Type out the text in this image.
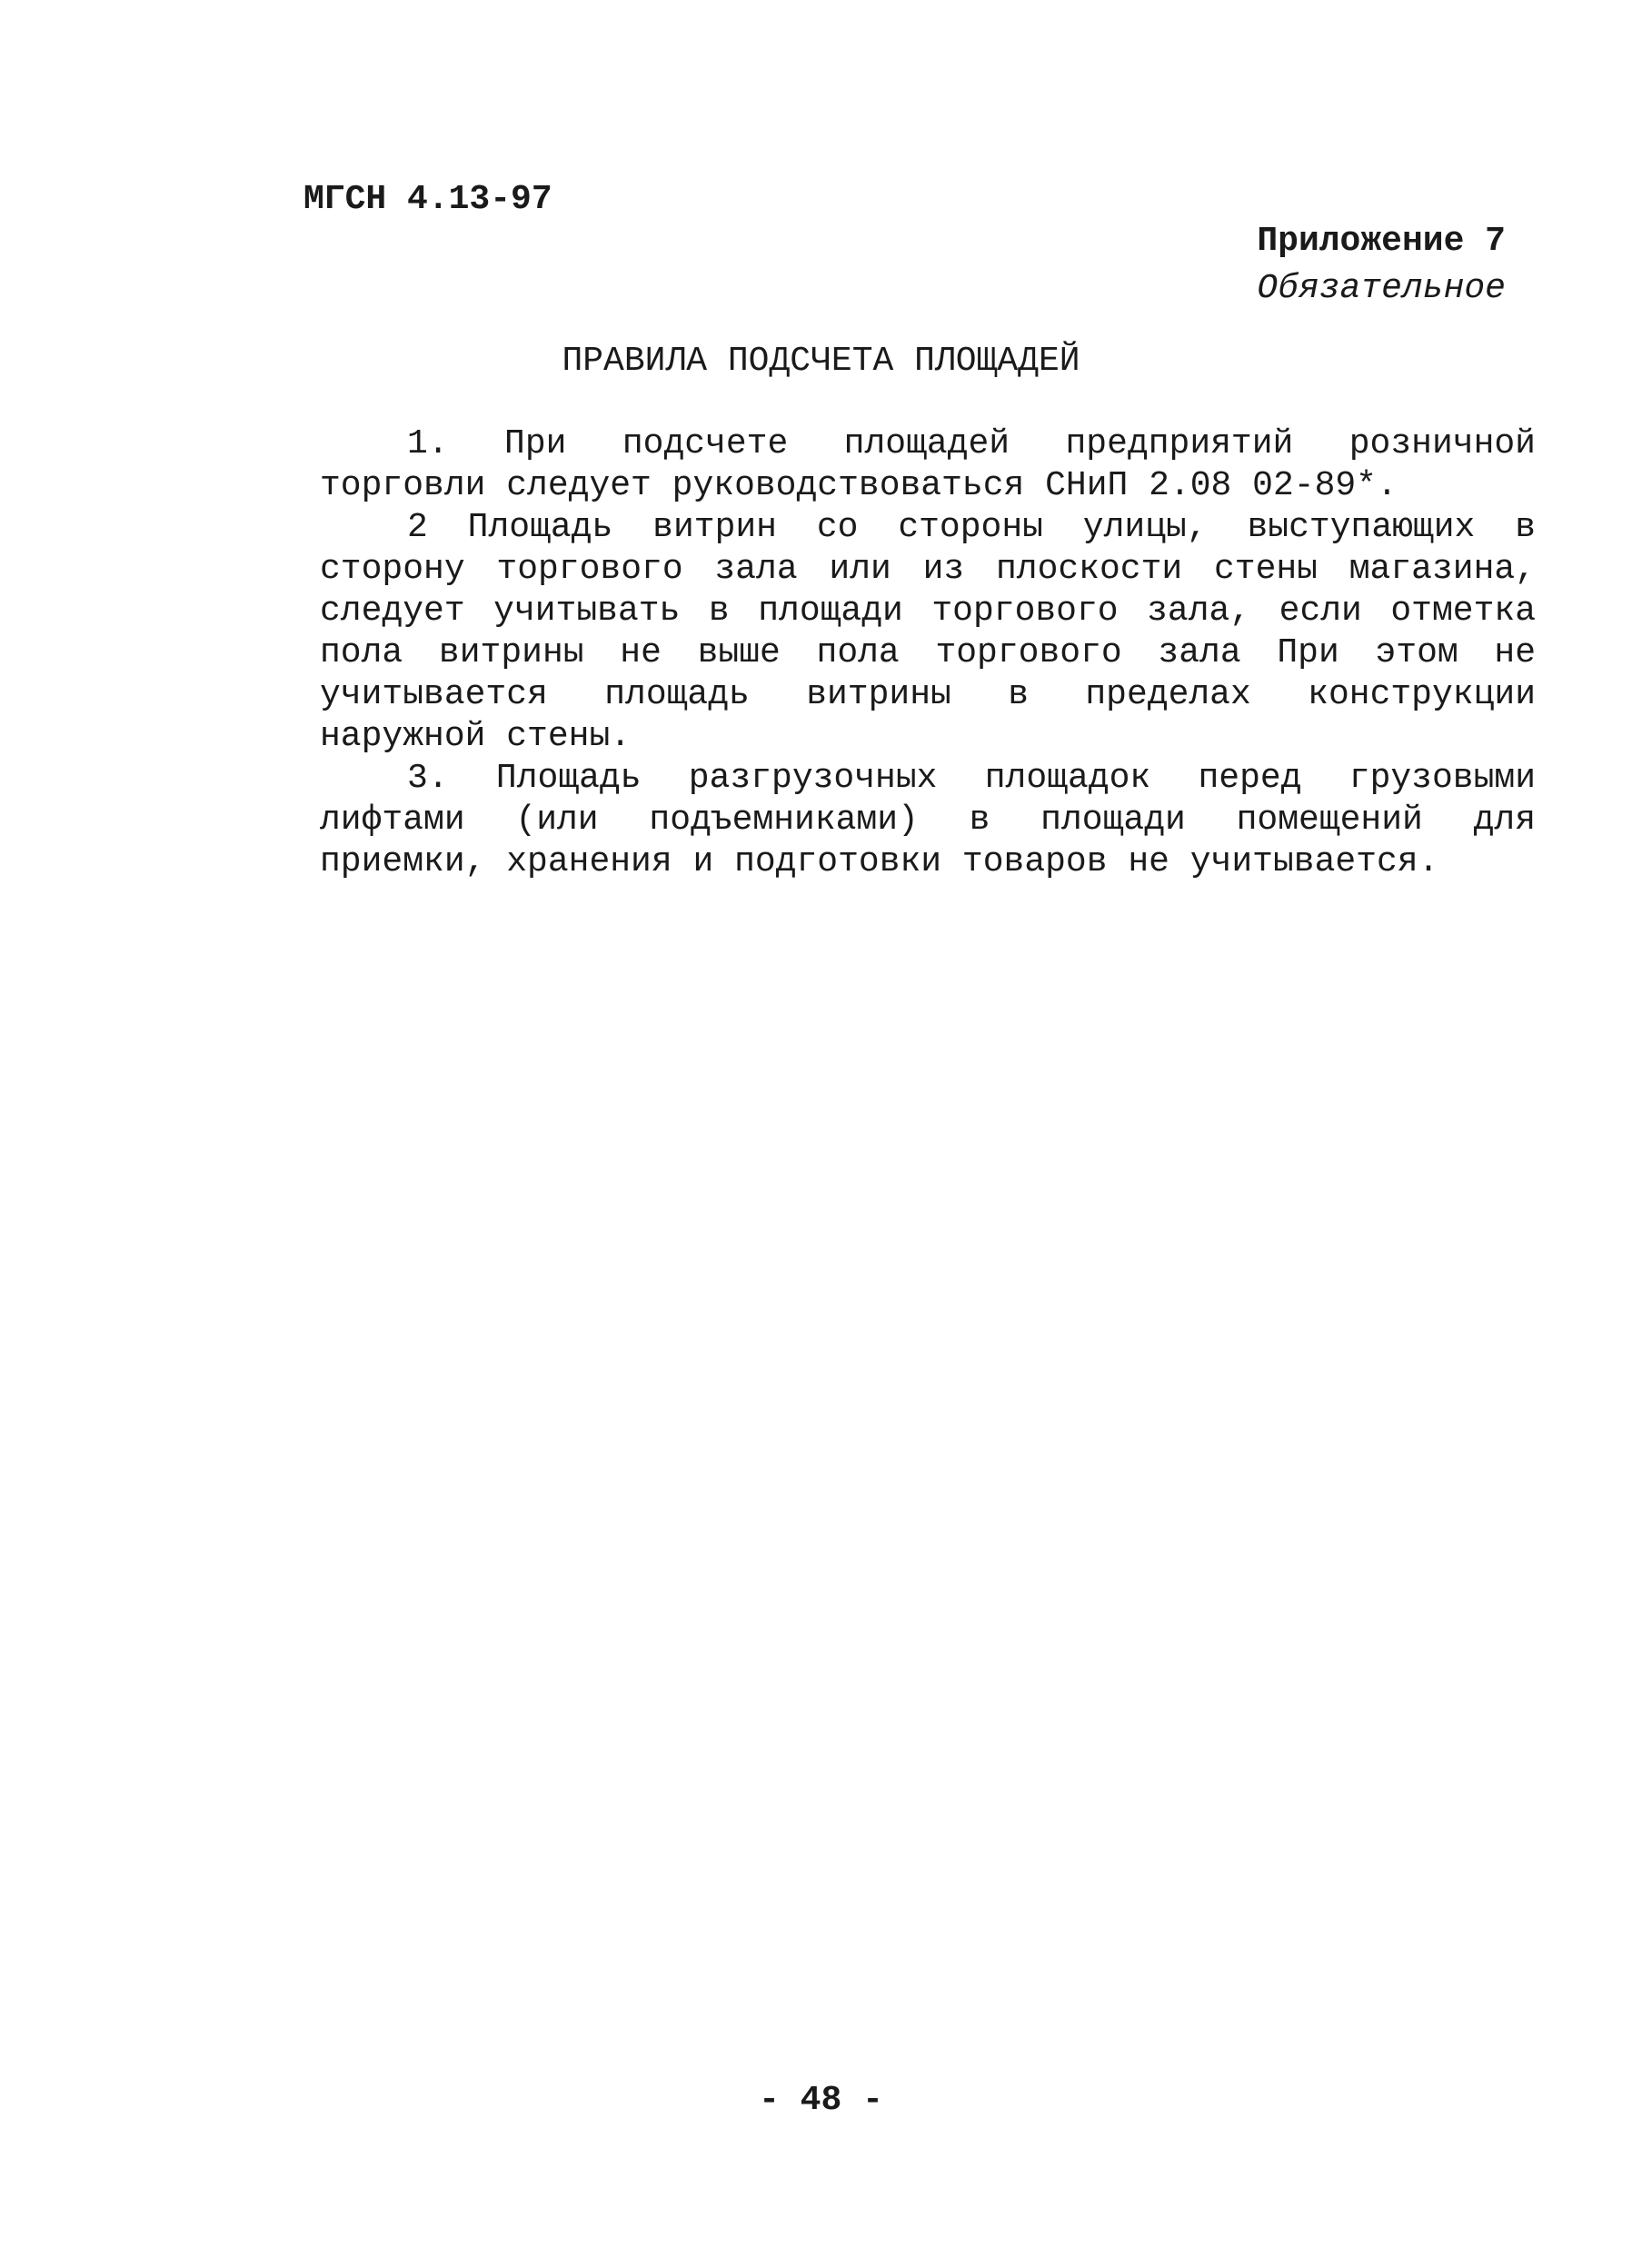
МГСН 4.13-97
Приложение 7
Обязательное
ПРАВИЛА ПОДСЧЕТА ПЛОЩАДЕЙ

1. При подсчете площадей предприятий розничной торговли следует руководствоваться СНиП 2.08 02-89*.

2 Площадь витрин со стороны улицы, выступающих в сторону торгового зала или из плоскости стены магазина, следует учитывать в площади торгового зала, если отметка пола витрины не выше пола торгового зала При этом не учитывается площадь витрины в пределах конструкции наружной стены.

3. Площадь разгрузочных площадок перед грузовыми лифтами (или подъемниками) в площади помещений для приемки, хранения и подготовки товаров не учитывается.

- 48 -
